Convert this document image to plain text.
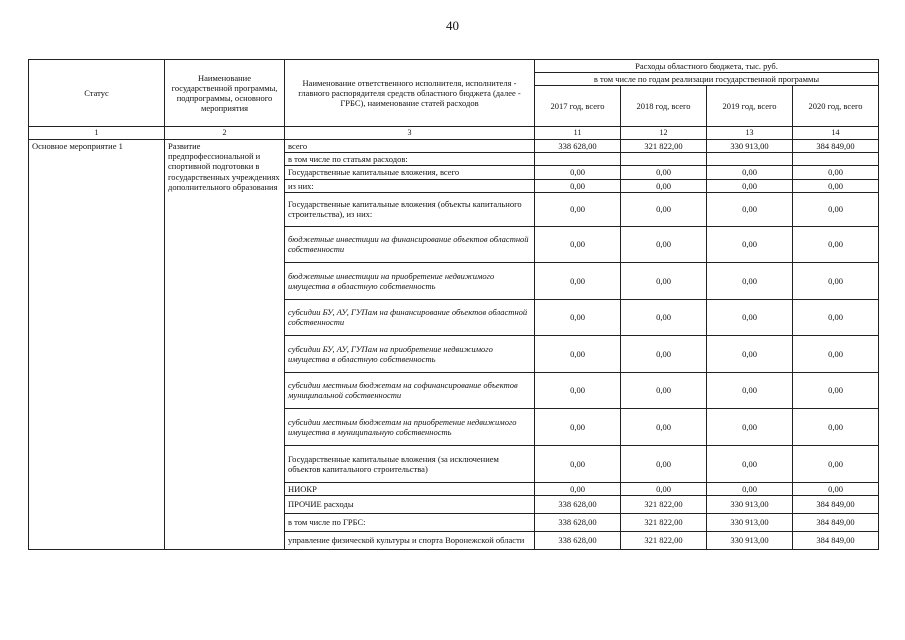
40
Статус	Наименование государственной программы, подпрограммы, основного мероприятия	Наименование ответственного исполнителя, исполнителя - главного распорядителя средств областного бюджета (далее - ГРБС), наименование статей расходов	Расходы областного бюджета, тыс. руб.			
			в том числе по годам реализации государственной программы			
			2017 год, всего	2018 год, всего	2019 год, всего	2020 год, всего
1	2	3	11	12	13	14
Основное мероприятие 1	Развитие предпрофессиональной и спортивной подготовки в государственных учреждениях дополнительного образования	всего	338 628,00	321 822,00	330 913,00	384 849,00
		в том числе по статьям расходов:				
		Государственные капитальные вложения, всего	0,00	0,00	0,00	0,00
		из них:	0,00	0,00	0,00	0,00
		Государственные капитальные вложения (объекты капитального строительства), из них:	0,00	0,00	0,00	0,00
		бюджетные инвестиции на финансирование объектов областной собственности	0,00	0,00	0,00	0,00
		бюджетные инвестиции на приобретение недвижимого имущества в областную собственность	0,00	0,00	0,00	0,00
		субсидии БУ, АУ, ГУПам на финансирование объектов областной собственности	0,00	0,00	0,00	0,00
		субсидии БУ, АУ, ГУПам на приобретение недвижимого имущества в областную собственность	0,00	0,00	0,00	0,00
		субсидии местным бюджетам на софинансирование объектов муниципальной собственности	0,00	0,00	0,00	0,00
		субсидии местным бюджетам на приобретение недвижимого имущества в муниципальную собственность	0,00	0,00	0,00	0,00
		Государственные капитальные вложения (за исключением объектов капитального строительства)	0,00	0,00	0,00	0,00
		НИОКР	0,00	0,00	0,00	0,00
		ПРОЧИЕ расходы	338 628,00	321 822,00	330 913,00	384 849,00
		в том числе по ГРБС:	338 628,00	321 822,00	330 913,00	384 849,00
		управление физической культуры и спорта Воронежской области	338 628,00	321 822,00	330 913,00	384 849,00
